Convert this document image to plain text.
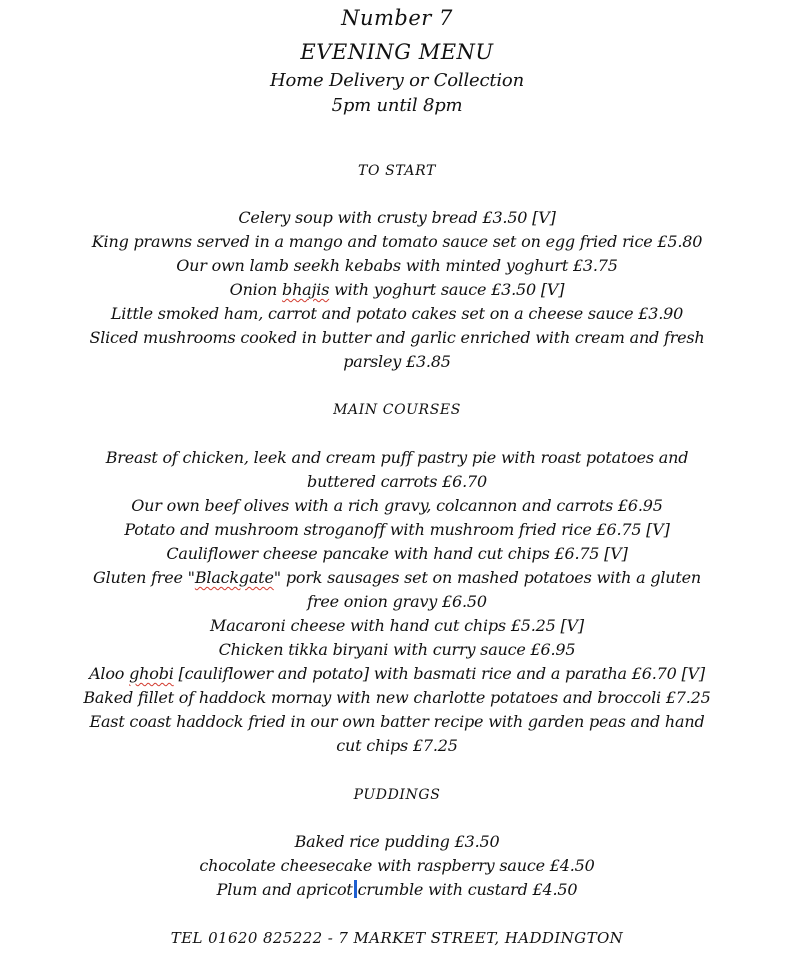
Number 7
EVENING MENU
Home Delivery or Collection
5pm until 8pm
TO START
Celery soup with crusty bread £3.50 [V]
King prawns served in a mango and tomato sauce set on egg fried rice £5.80
Our own lamb seekh kebabs with minted yoghurt £3.75
Onion bhajis with yoghurt sauce £3.50 [V]
Little smoked ham, carrot and potato cakes set on a cheese sauce £3.90
Sliced mushrooms cooked in butter and garlic enriched with cream and fresh
parsley £3.85
MAIN COURSES
Breast of chicken, leek and cream puff pastry pie with roast potatoes and
buttered carrots £6.70
Our own beef olives with a rich gravy, colcannon and carrots £6.95
Potato and mushroom stroganoff with mushroom fried rice £6.75 [V]
Cauliflower cheese pancake with hand cut chips £6.75 [V]
Gluten free "Blackgate" pork sausages set on mashed potatoes with a gluten
free onion gravy £6.50
Macaroni cheese with hand cut chips £5.25 [V]
Chicken tikka biryani with curry sauce £6.95
Aloo ghobi [cauliflower and potato] with basmati rice and a paratha £6.70 [V]
Baked fillet of haddock mornay with new charlotte potatoes and broccoli £7.25
East coast haddock fried in our own batter recipe with garden peas and hand
cut chips £7.25
PUDDINGS
Baked rice pudding £3.50
chocolate cheesecake with raspberry sauce £4.50
Plum and apricot crumble with custard £4.50
TEL 01620 825222 - 7 MARKET STREET, HADDINGTON
